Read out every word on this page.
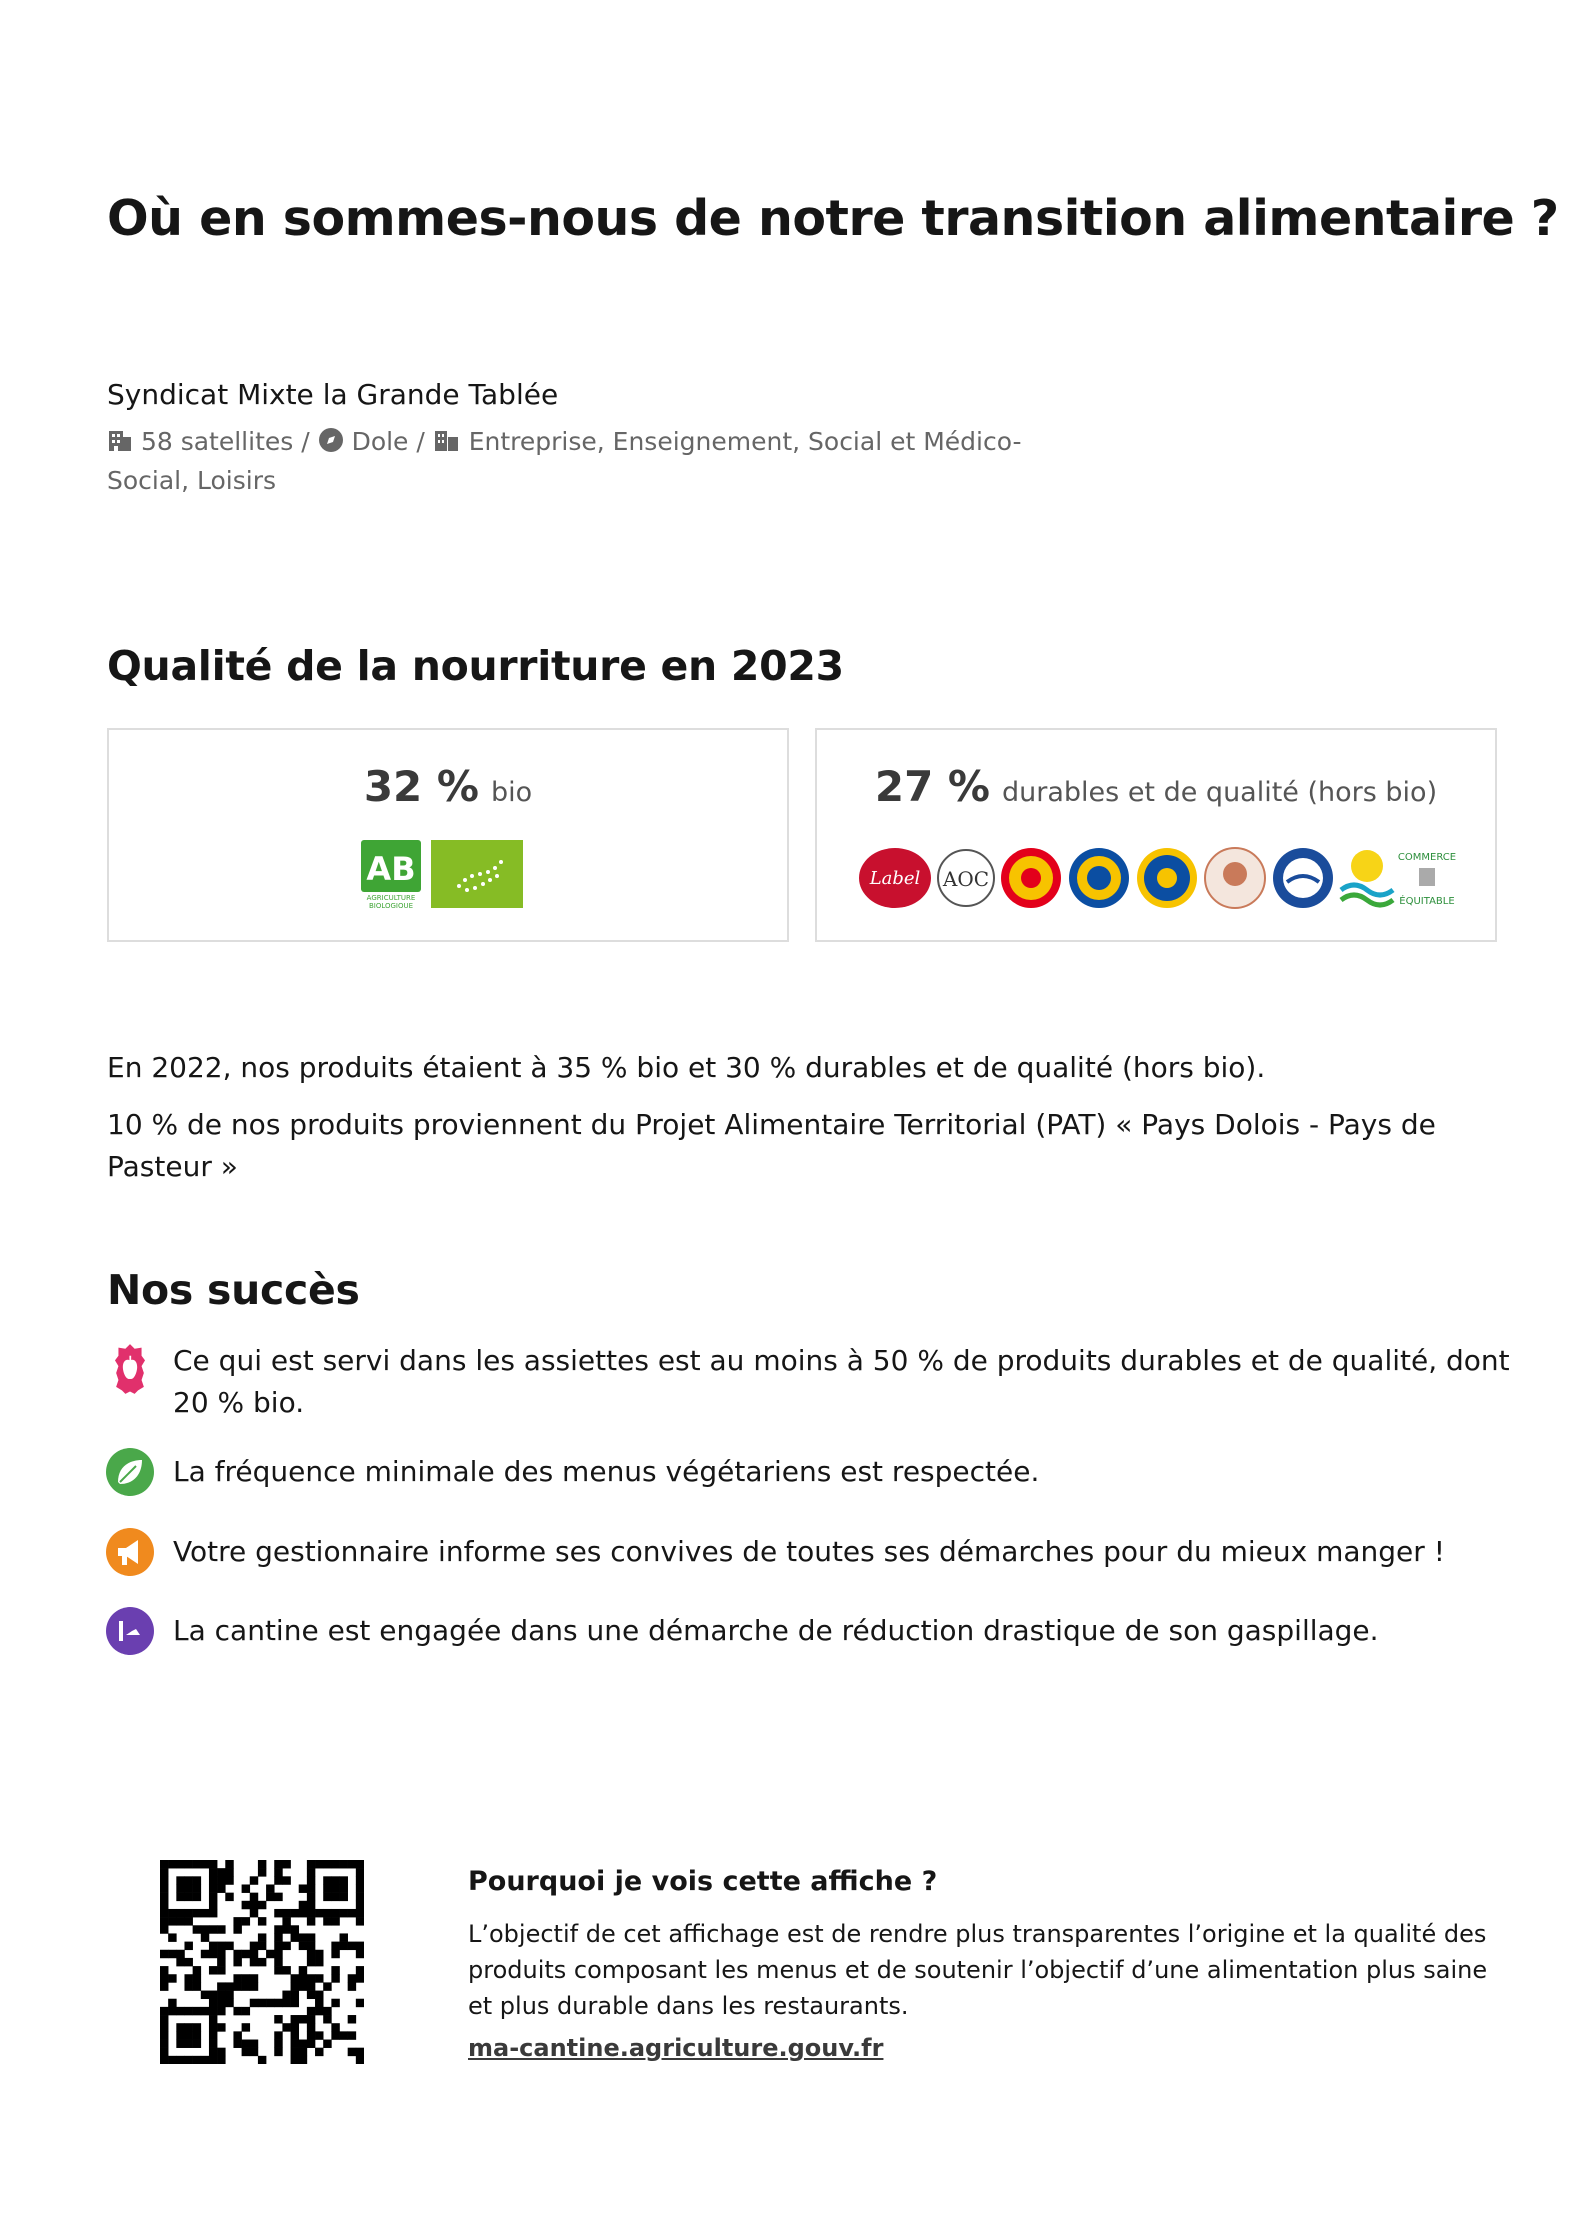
Où en sommes-nous de notre transition alimentaire ?
Syndicat Mixte la Grande Tablée
58 satellites / Dole / Entreprise, Enseignement, Social et Médico-
Social, Loisirs
Qualité de la nourriture en 2023
32 % bio
AB
AGRICULTURE
BIOLOGIQUE
27 % durables et de qualité (hors bio)
Label AOC
COMMERCE
ÉQUITABLE
En 2022, nos produits étaient à 35 % bio et 30 % durables et de qualité (hors bio).
10 % de nos produits proviennent du Projet Alimentaire Territorial (PAT) « Pays Dolois - Pays de Pasteur »
Nos succès
Ce qui est servi dans les assiettes est au moins à 50 % de produits durables et de qualité, dont 20 % bio.
La fréquence minimale des menus végétariens est respectée.
Votre gestionnaire informe ses convives de toutes ses démarches pour du mieux manger !
La cantine est engagée dans une démarche de réduction drastique de son gaspillage.
Pourquoi je vois cette affiche ?
L’objectif de cet affichage est de rendre plus transparentes l’origine et la qualité des produits composant les menus et de soutenir l’objectif d’une alimentation plus saine et plus durable dans les restaurants.
ma-cantine.agriculture.gouv.fr
